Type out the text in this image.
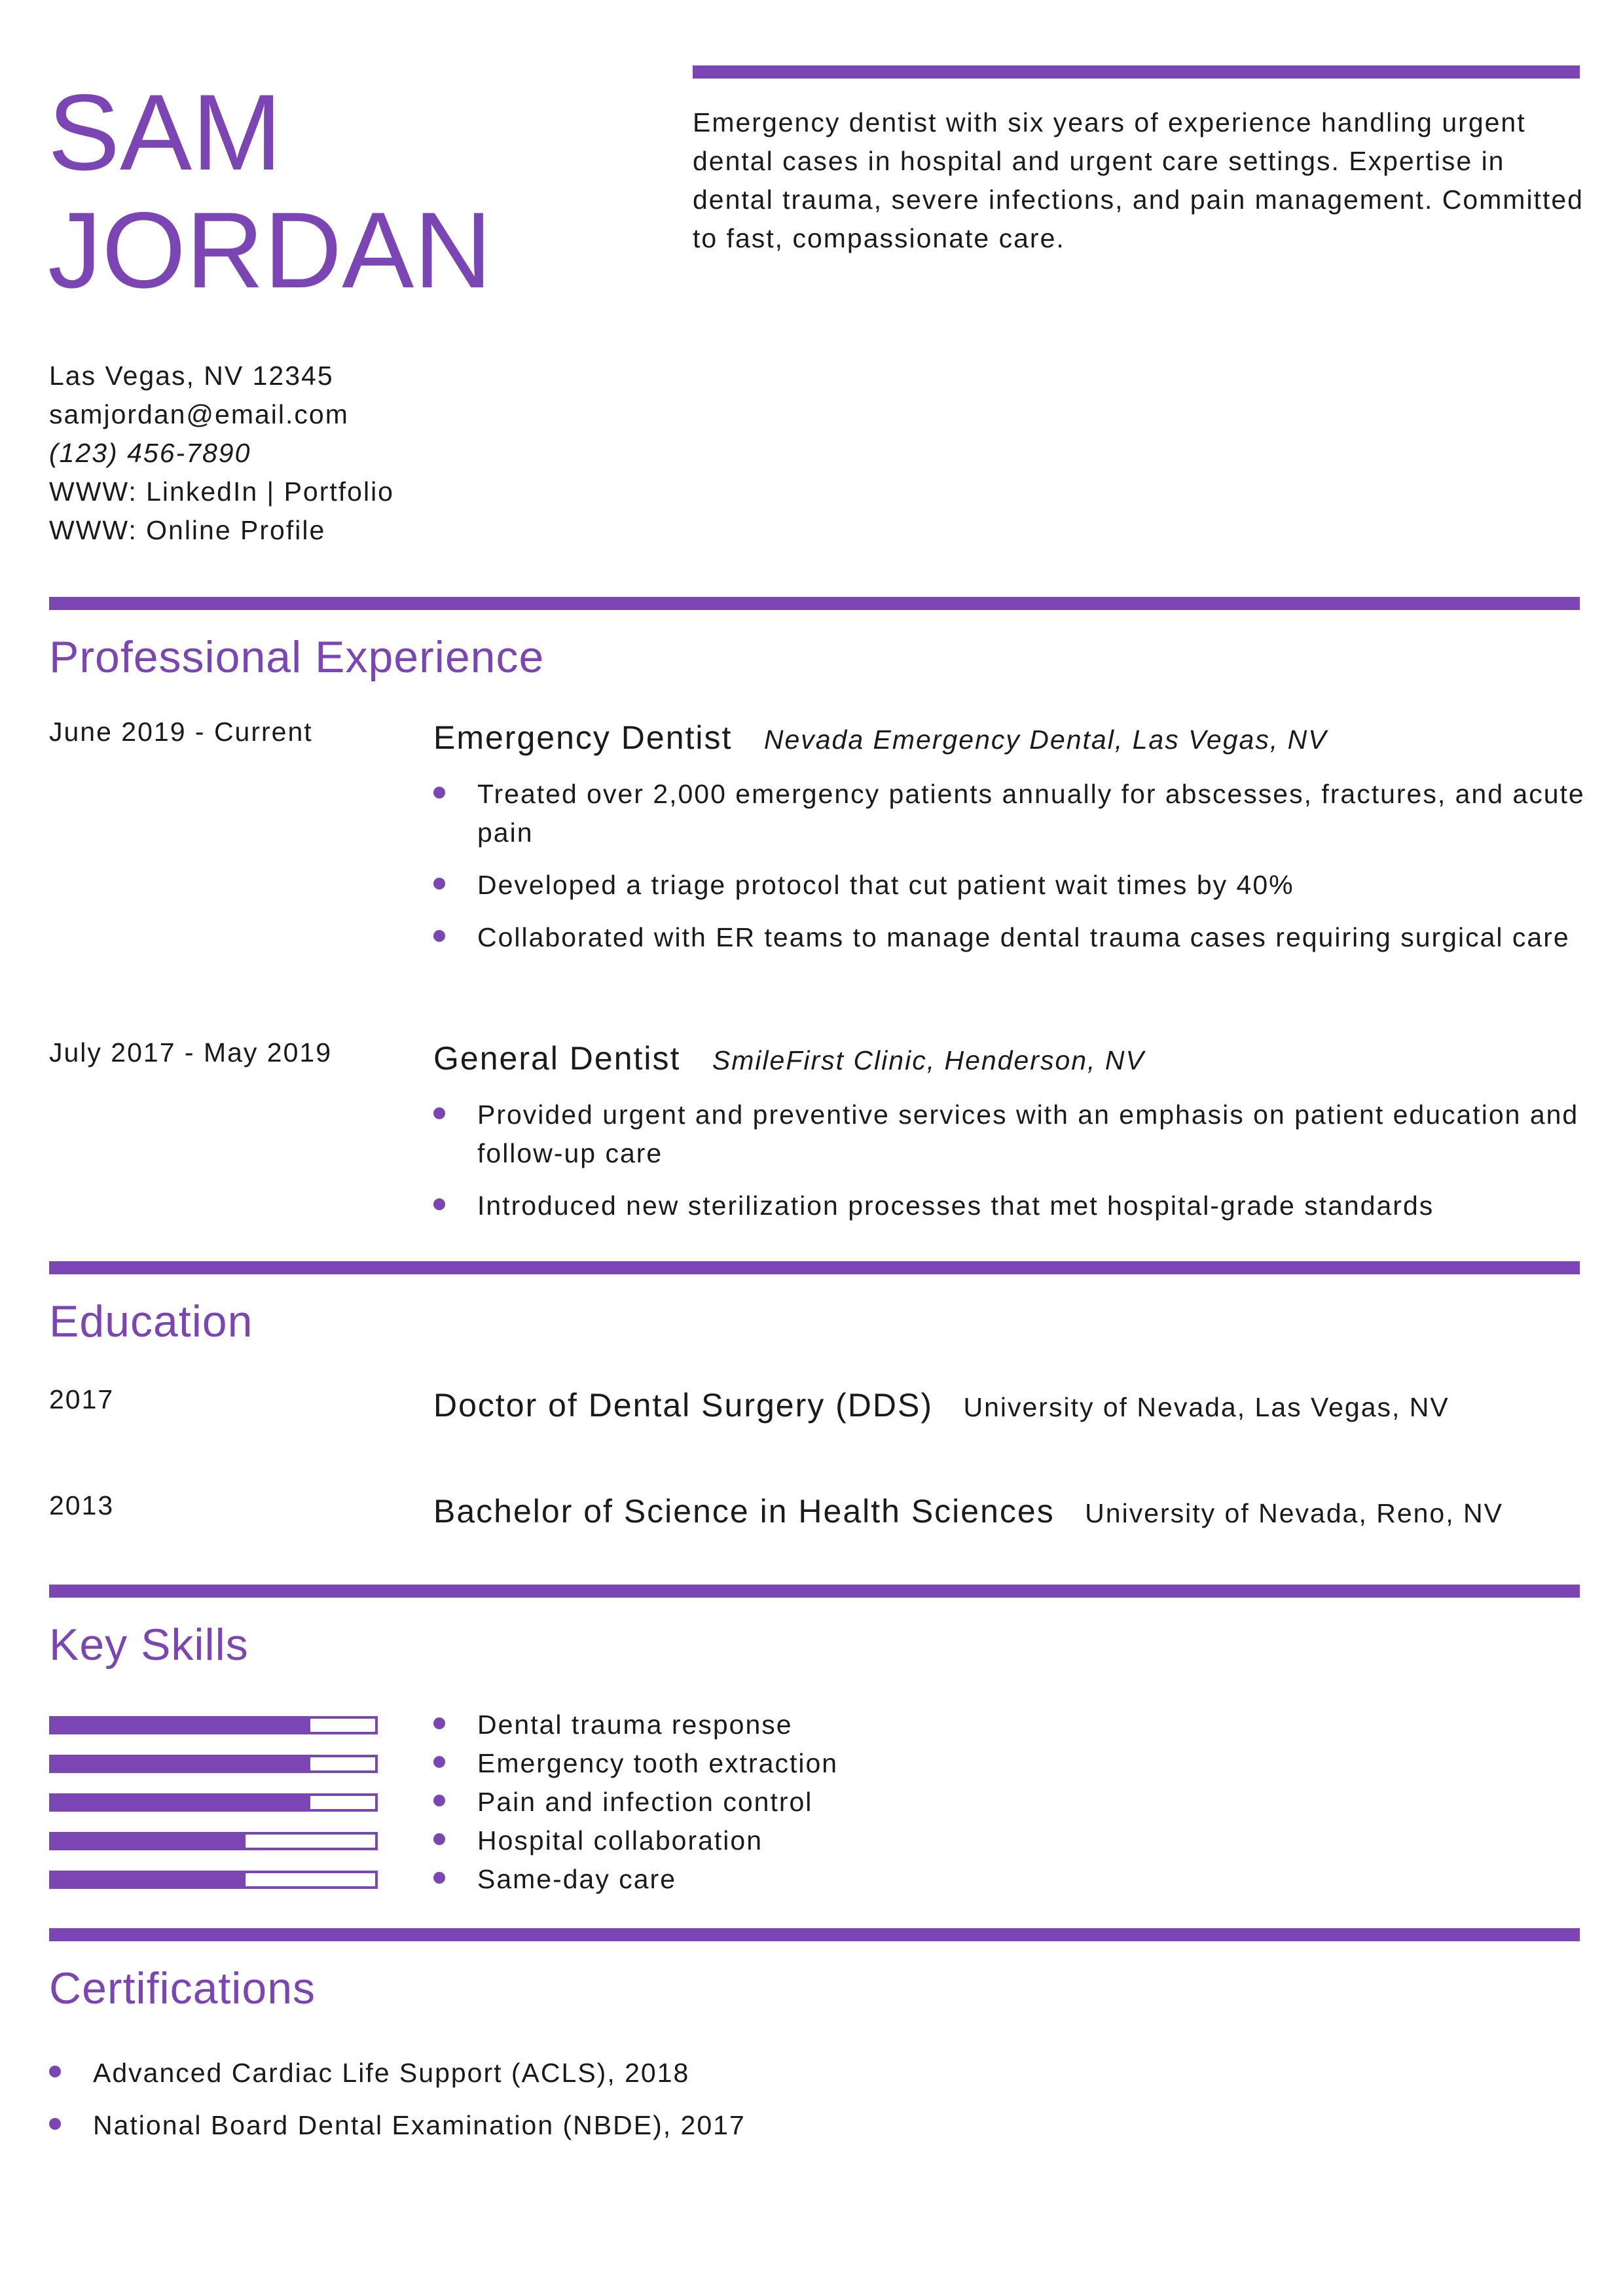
SAM
JORDAN
Emergency dentist with six years of experience handling urgent dental cases in hospital and urgent care settings. Expertise in dental trauma, severe infections, and pain management. Committed to fast, compassionate care.
Las Vegas, NV 12345
samjordan@email.com
(123) 456-7890
WWW: LinkedIn | Portfolio
WWW: Online Profile
Professional Experience
June 2019 - Current	Emergency Dentist Nevada Emergency Dental, Las Vegas, NV
Treated over 2,000 emergency patients annually for abscesses, fractures, and acute pain
Developed a triage protocol that cut patient wait times by 40%
Collaborated with ER teams to manage dental trauma cases requiring surgical care
July 2017 - May 2019	General Dentist SmileFirst Clinic, Henderson, NV
Provided urgent and preventive services with an emphasis on patient education and follow-up care
Introduced new sterilization processes that met hospital-grade standards
Education
2017	Doctor of Dental Surgery (DDS) University of Nevada, Las Vegas, NV
2013	Bachelor of Science in Health Sciences University of Nevada, Reno, NV
Key Skills
Dental trauma response
Emergency tooth extraction
Pain and infection control
Hospital collaboration
Same-day care
Certifications
Advanced Cardiac Life Support (ACLS), 2018
National Board Dental Examination (NBDE), 2017
